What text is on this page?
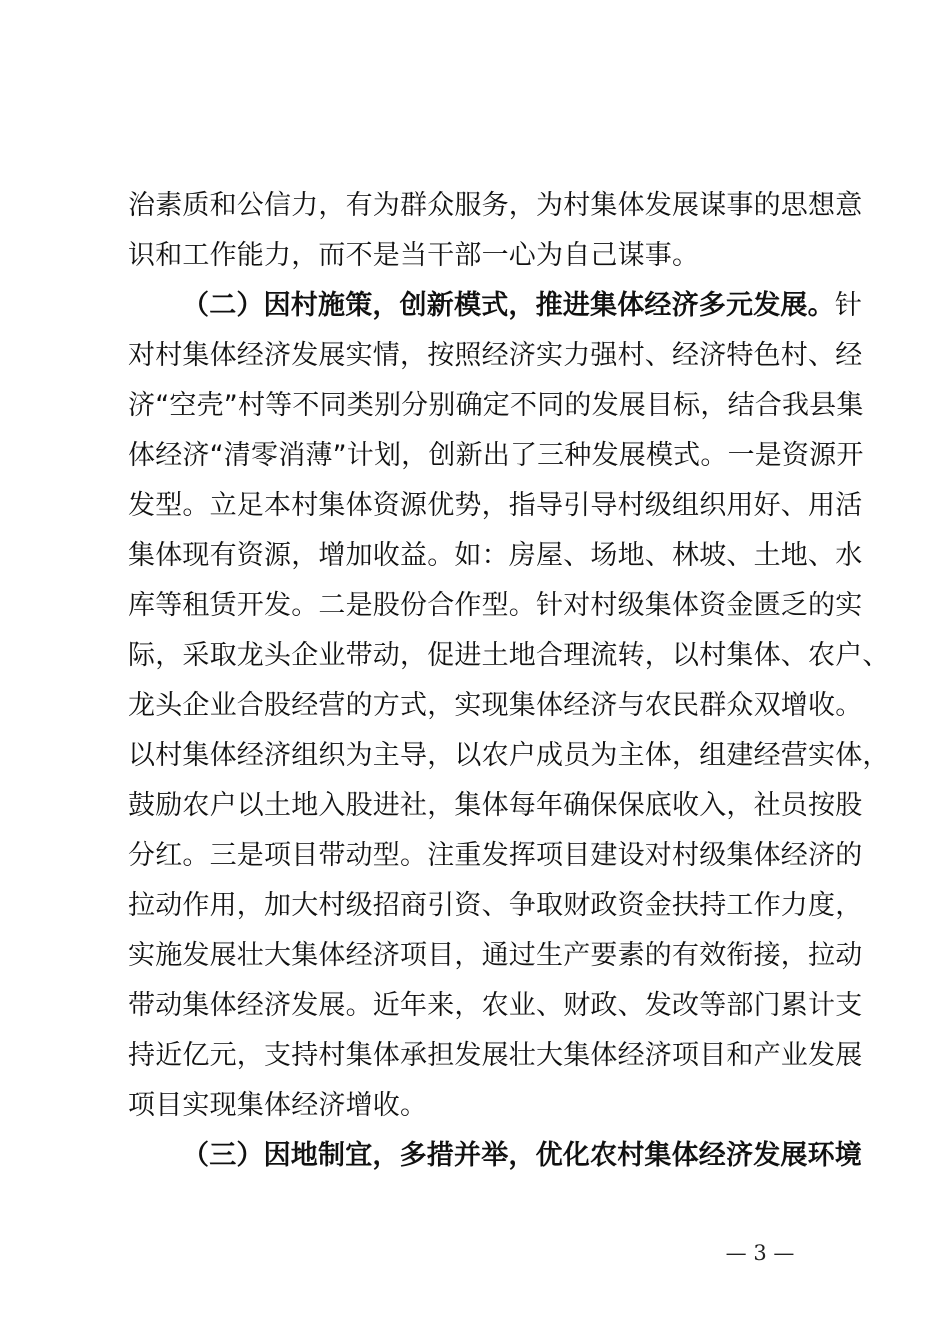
治素质和公信力，有为群众服务，为村集体发展谋事的思想意
识和工作能力，而不是当干部一心为自己谋事。
（二）因村施策，创新模式，推进集体经济多元发展。针
对村集体经济发展实情，按照经济实力强村、经济特色村、经
济“空壳”村等不同类别分别确定不同的发展目标，结合我县集
体经济“清零消薄”计划，创新出了三种发展模式。一是资源开
发型。立足本村集体资源优势，指导引导村级组织用好、用活
集体现有资源，增加收益。如：房屋、场地、林坡、土地、水
库等租赁开发。二是股份合作型。针对村级集体资金匮乏的实
际，采取龙头企业带动，促进土地合理流转，以村集体、农户、
龙头企业合股经营的方式，实现集体经济与农民群众双增收。
以村集体经济组织为主导，以农户成员为主体，组建经营实体，
鼓励农户以土地入股进社，集体每年确保保底收入，社员按股
分红。三是项目带动型。注重发挥项目建设对村级集体经济的
拉动作用，加大村级招商引资、争取财政资金扶持工作力度，
实施发展壮大集体经济项目，通过生产要素的有效衔接，拉动
带动集体经济发展。近年来，农业、财政、发改等部门累计支
持近亿元，支持村集体承担发展壮大集体经济项目和产业发展
项目实现集体经济增收。
（三）因地制宜，多措并举，优化农村集体经济发展环境
— 3 —
